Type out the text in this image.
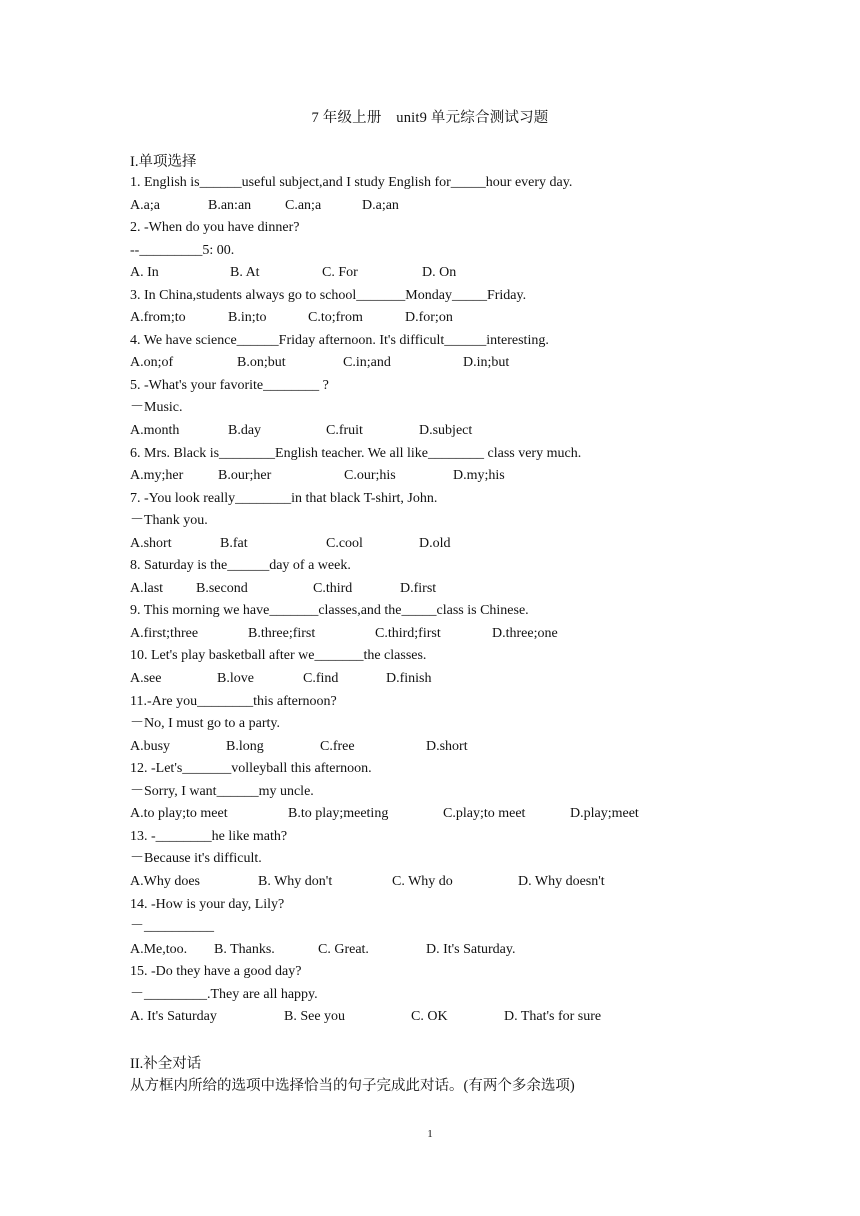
7 年级上册　unit9 单元综合测试习题
I.单项选择
1. English is______useful subject,and I study English for_____hour every day.
A.a;a	B.an:an C.an;a	D.a;an
2. -When do you have dinner?
--_________5: 00.
A. In	B. At	C. For	D. On
3. In China,students always go to school_______Monday_____Friday.
A.from;to	B.in;to	C.to;from	D.for;on
4. We have science______Friday afternoon. It's difficult______interesting.
A.on;of	B.on;but	C.in;and	D.in;but
5. -What's your favorite________ ?
－Music.
A.month	B.day	C.fruit	D.subject
6. Mrs. Black is________English teacher. We all like________ class very much.
A.my;her B.our;her	C.our;his	D.my;his
7. -You look really________in that black T-shirt, John.
－Thank you.
A.short	B.fat	C.cool	D.old
8. Saturday is the______day of a week.
A.last B.second	C.third	D.first
9. This morning we have_______classes,and the_____class is Chinese.
A.first;three	B.three;first	C.third;first	D.three;one
10. Let's play basketball after we_______the classes.
A.see	B.love	C.find	D.finish
11.-Are you________this afternoon?
－No, I must go to a party.
A.busy	B.long	C.free	D.short
12. -Let's_______volleyball this afternoon.
－Sorry, I want______my uncle.
A.to play;to meet	B.to play;meeting	C.play;to meet	D.play;meet
13. -________he like math?
－Because it's difficult.
A.Why does	B. Why don't	C. Why do	D. Why doesn't
14. -How is your day, Lily?
－__________
A.Me,too. B. Thanks.	C. Great.	D. It's Saturday.
15. -Do they have a good day?
－_________.They are all happy.
A. It's Saturday	B. See you	C. OK	D. That's for sure
II.补全对话
从方框内所给的选项中选择恰当的句子完成此对话。(有两个多余选项)
1
